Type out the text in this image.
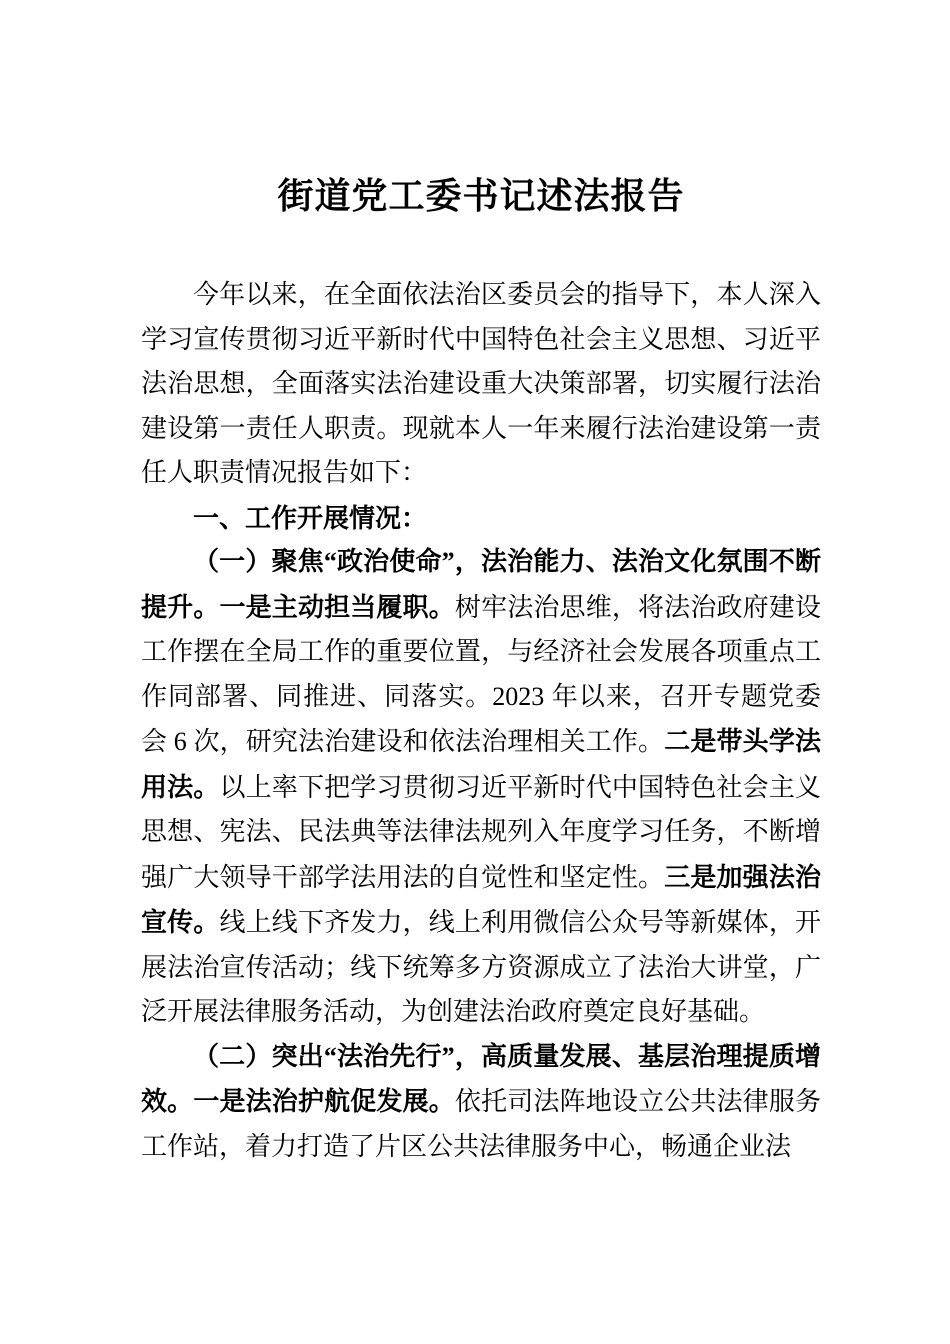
街道党工委书记述法报告

今年以来，在全面依法治区委员会的指导下，本人深入学习宣传贯彻习近平新时代中国特色社会主义思想、习近平法治思想，全面落实法治建设重大决策部署，切实履行法治建设第一责任人职责。现就本人一年来履行法治建设第一责任人职责情况报告如下：

一、工作开展情况：

（一）聚焦“政治使命”，法治能力、法治文化氛围不断提升。一是主动担当履职。树牢法治思维，将法治政府建设工作摆在全局工作的重要位置，与经济社会发展各项重点工作同部署、同推进、同落实。2023 年以来，召开专题党委会 6 次，研究法治建设和依法治理相关工作。二是带头学法用法。以上率下把学习贯彻习近平新时代中国特色社会主义思想、宪法、民法典等法律法规列入年度学习任务，不断增强广大领导干部学法用法的自觉性和坚定性。三是加强法治宣传。线上线下齐发力，线上利用微信公众号等新媒体，开展法治宣传活动；线下统筹多方资源成立了法治大讲堂，广泛开展法律服务活动，为创建法治政府奠定良好基础。

（二）突出“法治先行”，高质量发展、基层治理提质增效。一是法治护航促发展。依托司法阵地设立公共法律服务工作站，着力打造了片区公共法律服务中心，畅通企业法
